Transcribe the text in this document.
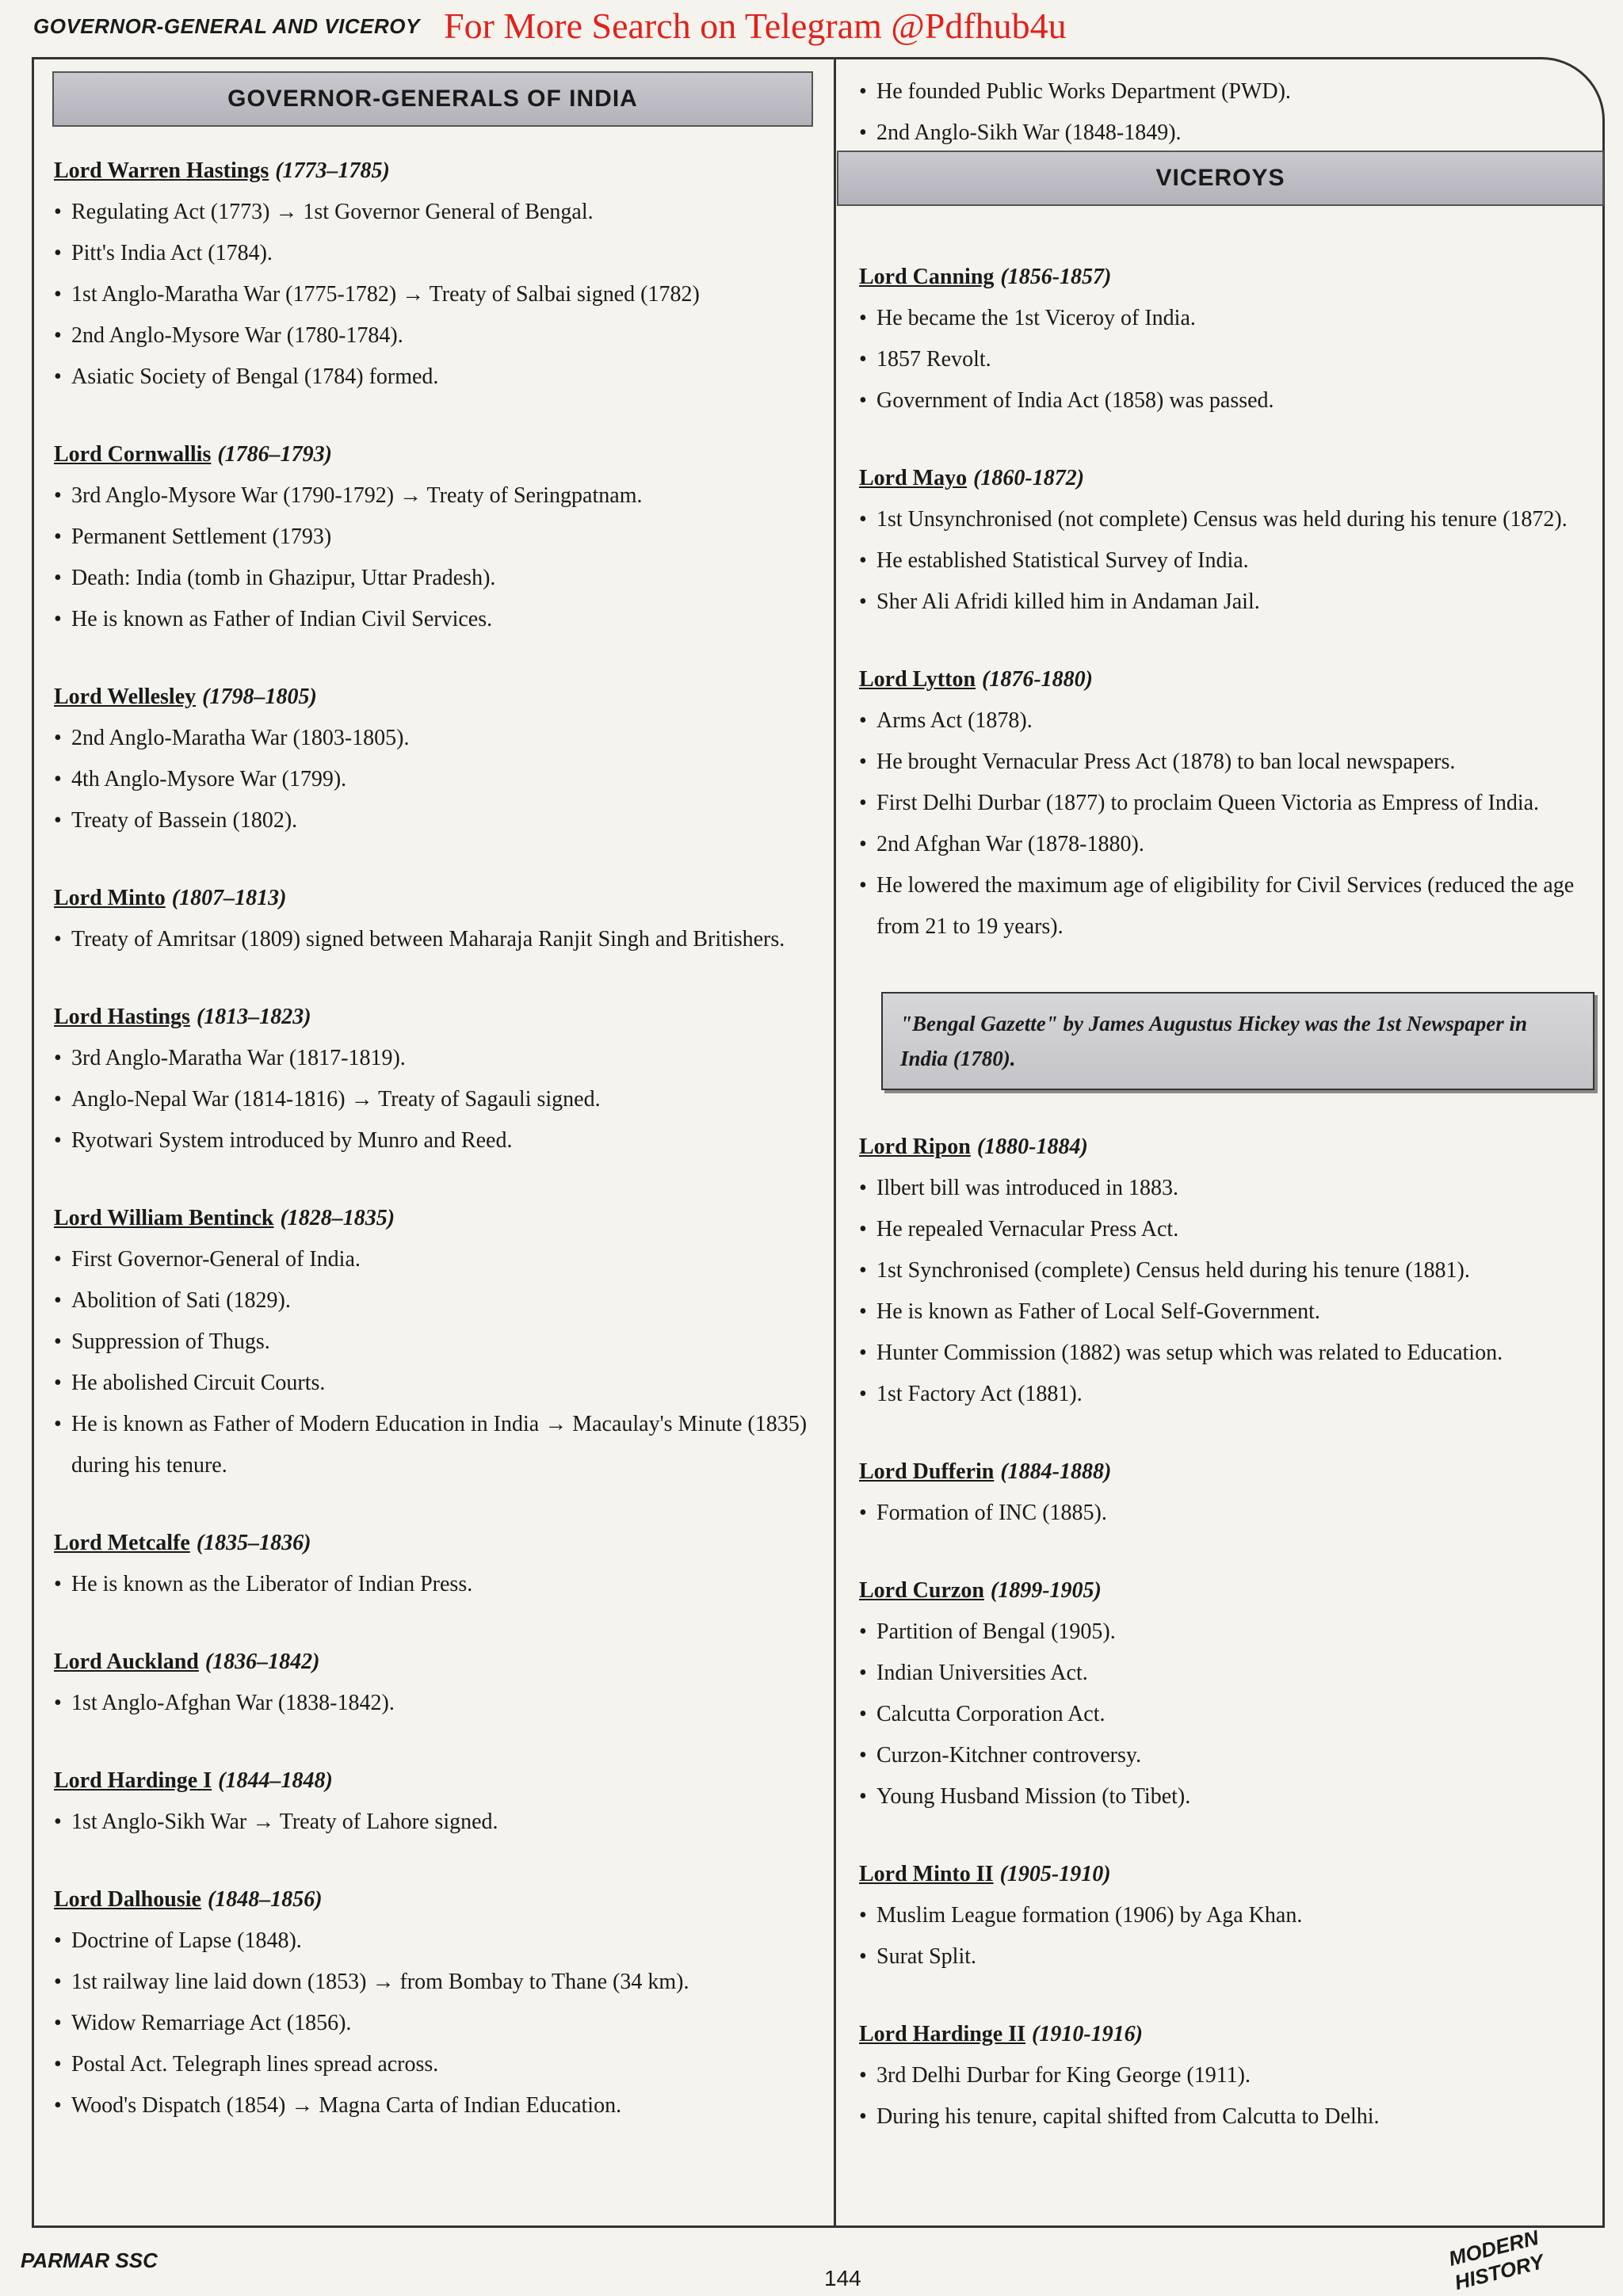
GOVERNOR-GENERAL AND VICEROY For More Search on Telegram @Pdfhub4u
GOVERNOR-GENERALS OF INDIA
Lord Warren Hastings (1773–1785)
• Regulating Act (1773) → 1st Governor General of Bengal.
• Pitt's India Act (1784).
• 1st Anglo-Maratha War (1775-1782) → Treaty of Salbai signed (1782)
• 2nd Anglo-Mysore War (1780-1784).
• Asiatic Society of Bengal (1784) formed.
Lord Cornwallis (1786–1793)
• 3rd Anglo-Mysore War (1790-1792) → Treaty of Seringpatnam.
• Permanent Settlement (1793)
• Death: India (tomb in Ghazipur, Uttar Pradesh).
• He is known as Father of Indian Civil Services.
Lord Wellesley (1798–1805)
• 2nd Anglo-Maratha War (1803-1805).
• 4th Anglo-Mysore War (1799).
• Treaty of Bassein (1802).
Lord Minto (1807–1813)
• Treaty of Amritsar (1809) signed between Maharaja Ranjit Singh and Britishers.
Lord Hastings (1813–1823)
• 3rd Anglo-Maratha War (1817-1819).
• Anglo-Nepal War (1814-1816) → Treaty of Sagauli signed.
• Ryotwari System introduced by Munro and Reed.
Lord William Bentinck (1828–1835)
• First Governor-General of India.
• Abolition of Sati (1829).
• Suppression of Thugs.
• He abolished Circuit Courts.
• He is known as Father of Modern Education in India → Macaulay's Minute (1835) during his tenure.
Lord Metcalfe (1835–1836)
• He is known as the Liberator of Indian Press.
Lord Auckland (1836–1842)
• 1st Anglo-Afghan War (1838-1842).
Lord Hardinge I (1844–1848)
• 1st Anglo-Sikh War → Treaty of Lahore signed.
Lord Dalhousie (1848–1856)
• Doctrine of Lapse (1848).
• 1st railway line laid down (1853) → from Bombay to Thane (34 km).
• Widow Remarriage Act (1856).
• Postal Act. Telegraph lines spread across.
• Wood's Dispatch (1854) → Magna Carta of Indian Education.
• He founded Public Works Department (PWD).
• 2nd Anglo-Sikh War (1848-1849).
VICEROYS
Lord Canning (1856-1857)
• He became the 1st Viceroy of India.
• 1857 Revolt.
• Government of India Act (1858) was passed.
Lord Mayo (1860-1872)
• 1st Unsynchronised (not complete) Census was held during his tenure (1872).
• He established Statistical Survey of India.
• Sher Ali Afridi killed him in Andaman Jail.
Lord Lytton (1876-1880)
• Arms Act (1878).
• He brought Vernacular Press Act (1878) to ban local newspapers.
• First Delhi Durbar (1877) to proclaim Queen Victoria as Empress of India.
• 2nd Afghan War (1878-1880).
• He lowered the maximum age of eligibility for Civil Services (reduced the age from 21 to 19 years).
"Bengal Gazette" by James Augustus Hickey was the 1st Newspaper in India (1780).
Lord Ripon (1880-1884)
• Ilbert bill was introduced in 1883.
• He repealed Vernacular Press Act.
• 1st Synchronised (complete) Census held during his tenure (1881).
• He is known as Father of Local Self-Government.
• Hunter Commission (1882) was setup which was related to Education.
• 1st Factory Act (1881).
Lord Dufferin (1884-1888)
• Formation of INC (1885).
Lord Curzon (1899-1905)
• Partition of Bengal (1905).
• Indian Universities Act.
• Calcutta Corporation Act.
• Curzon-Kitchner controversy.
• Young Husband Mission (to Tibet).
Lord Minto II (1905-1910)
• Muslim League formation (1906) by Aga Khan.
• Surat Split.
Lord Hardinge II (1910-1916)
• 3rd Delhi Durbar for King George (1911).
• During his tenure, capital shifted from Calcutta to Delhi.
PARMAR SSC
144
MODERN HISTORY
